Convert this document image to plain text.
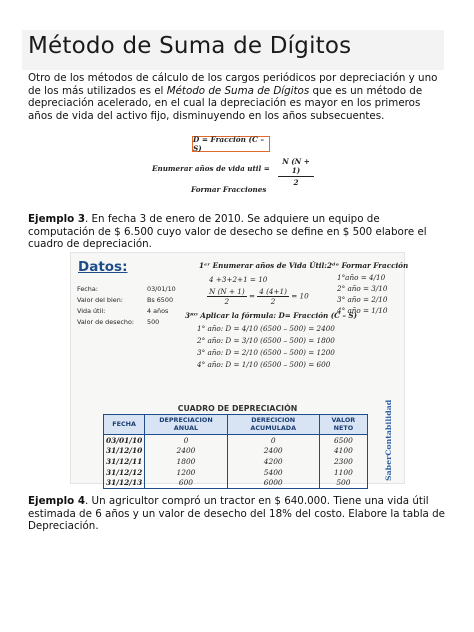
Método de Suma de Dígitos
Otro de los métodos de cálculo de los cargos periódicos por depreciación y uno de los más utilizados es el Método de Suma de Dígitos que es un método de depreciación acelerado, en el cual la depreciación es mayor en los primeros años de vida del activo fijo, disminuyendo en los años subsecuentes.
D = Fracción (C – S)
Enumerar años de vida util = $\frac{N (N + 1)}{2}$
Formar Fracciones
Ejemplo 3. En fecha 3 de enero de 2010. Se adquiere un equipo de computación de $ 6.500 cuyo valor de desecho se define en $ 500 elabore el cuadro de depreciación.
Datos:
Fecha:	03/01/10
Valor del bien:	Bs 6500
Vida útil:	4 años
Valor de desecho: 500
1ᵉʳ Enumerar años de Vida Útil:
4 +3+2+1 = 10
$\frac{N (N + 1)}{2} = \frac{4 (4+1)}{2} = 10$
2ᵈᵒ Formar Fracción
1°año = 4/10
2° año = 3/10
3° año = 2/10
4° año = 1/10
3ᴿᴼ Aplicar la fórmula: D= Fracción (C – S)
1° año: D = 4/10 (6500 – 500) = 2400
2° año: D = 3/10 (6500 – 500) = 1800
3° año: D = 2/10 (6500 – 500) = 1200
4° año: D = 1/10 (6500 – 500) = 600
CUADRO DE DEPRECIACIÓN
FECHA	DEPRECIACION ANUAL	DERECICION ACUMULADA	VALOR NETO
03/01/10	0	0	6500
31/12/10	2400	2400	4100
31/12/11	1800	4200	2300
31/12/12	1200	5400	1100
31/12/13	600	6000	500
SaberContabilidad
Ejemplo 4. Un agricultor compró un tractor en $ 640.000. Tiene una vida útil estimada de 6 años y un valor de desecho del 18% del costo. Elabore la tabla de Depreciación.
